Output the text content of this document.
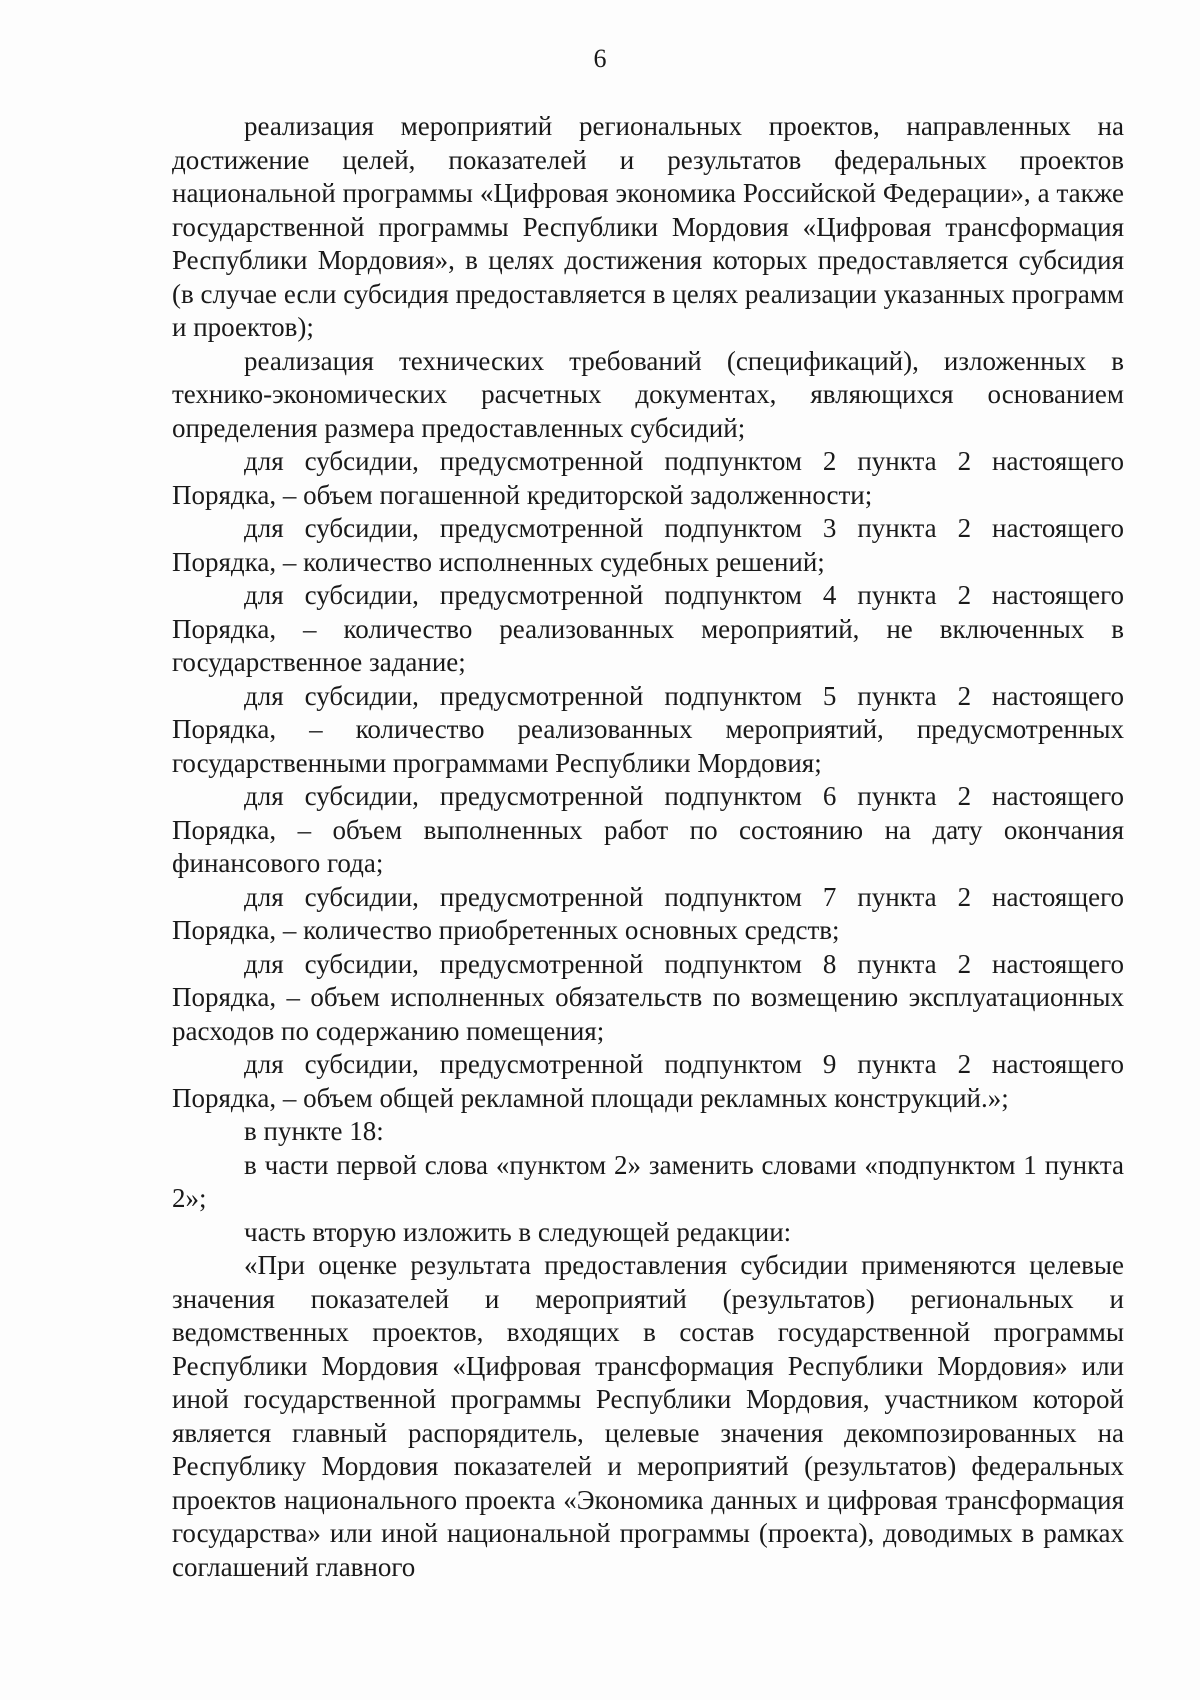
6

реализация мероприятий региональных проектов, направленных на достижение целей, показателей и результатов федеральных проектов национальной программы «Цифровая экономика Российской Федерации», а также государственной программы Республики Мордовия «Цифровая трансформация Республики Мордовия», в целях достижения которых предоставляется субсидия (в случае если субсидия предоставляется в целях реализации указанных программ и проектов);

реализация технических требований (спецификаций), изложенных в технико-экономических расчетных документах, являющихся основанием определения размера предоставленных субсидий;

для субсидии, предусмотренной подпунктом 2 пункта 2 настоящего Порядка, – объем погашенной кредиторской задолженности;

для субсидии, предусмотренной подпунктом 3 пункта 2 настоящего Порядка, – количество исполненных судебных решений;

для субсидии, предусмотренной подпунктом 4 пункта 2 настоящего Порядка, – количество реализованных мероприятий, не включенных в государственное задание;

для субсидии, предусмотренной подпунктом 5 пункта 2 настоящего Порядка, – количество реализованных мероприятий, предусмотренных государственными программами Республики Мордовия;

для субсидии, предусмотренной подпунктом 6 пункта 2 настоящего Порядка, – объем выполненных работ по состоянию на дату окончания финансового года;

для субсидии, предусмотренной подпунктом 7 пункта 2 настоящего Порядка, – количество приобретенных основных средств;

для субсидии, предусмотренной подпунктом 8 пункта 2 настоящего Порядка, – объем исполненных обязательств по возмещению эксплуатационных расходов по содержанию помещения;

для субсидии, предусмотренной подпунктом 9 пункта 2 настоящего Порядка, – объем общей рекламной площади рекламных конструкций.»;

в пункте 18:

в части первой слова «пунктом 2» заменить словами «подпунктом 1 пункта 2»;

часть вторую изложить в следующей редакции:

«При оценке результата предоставления субсидии применяются целевые значения показателей и мероприятий (результатов) региональных и ведомственных проектов, входящих в состав государственной программы Республики Мордовия «Цифровая трансформация Республики Мордовия» или иной государственной программы Республики Мордовия, участником которой является главный распорядитель, целевые значения декомпозированных на Республику Мордовия показателей и мероприятий (результатов) федеральных проектов национального проекта «Экономика данных и цифровая трансформация государства» или иной национальной программы (проекта), доводимых в рамках соглашений главного
